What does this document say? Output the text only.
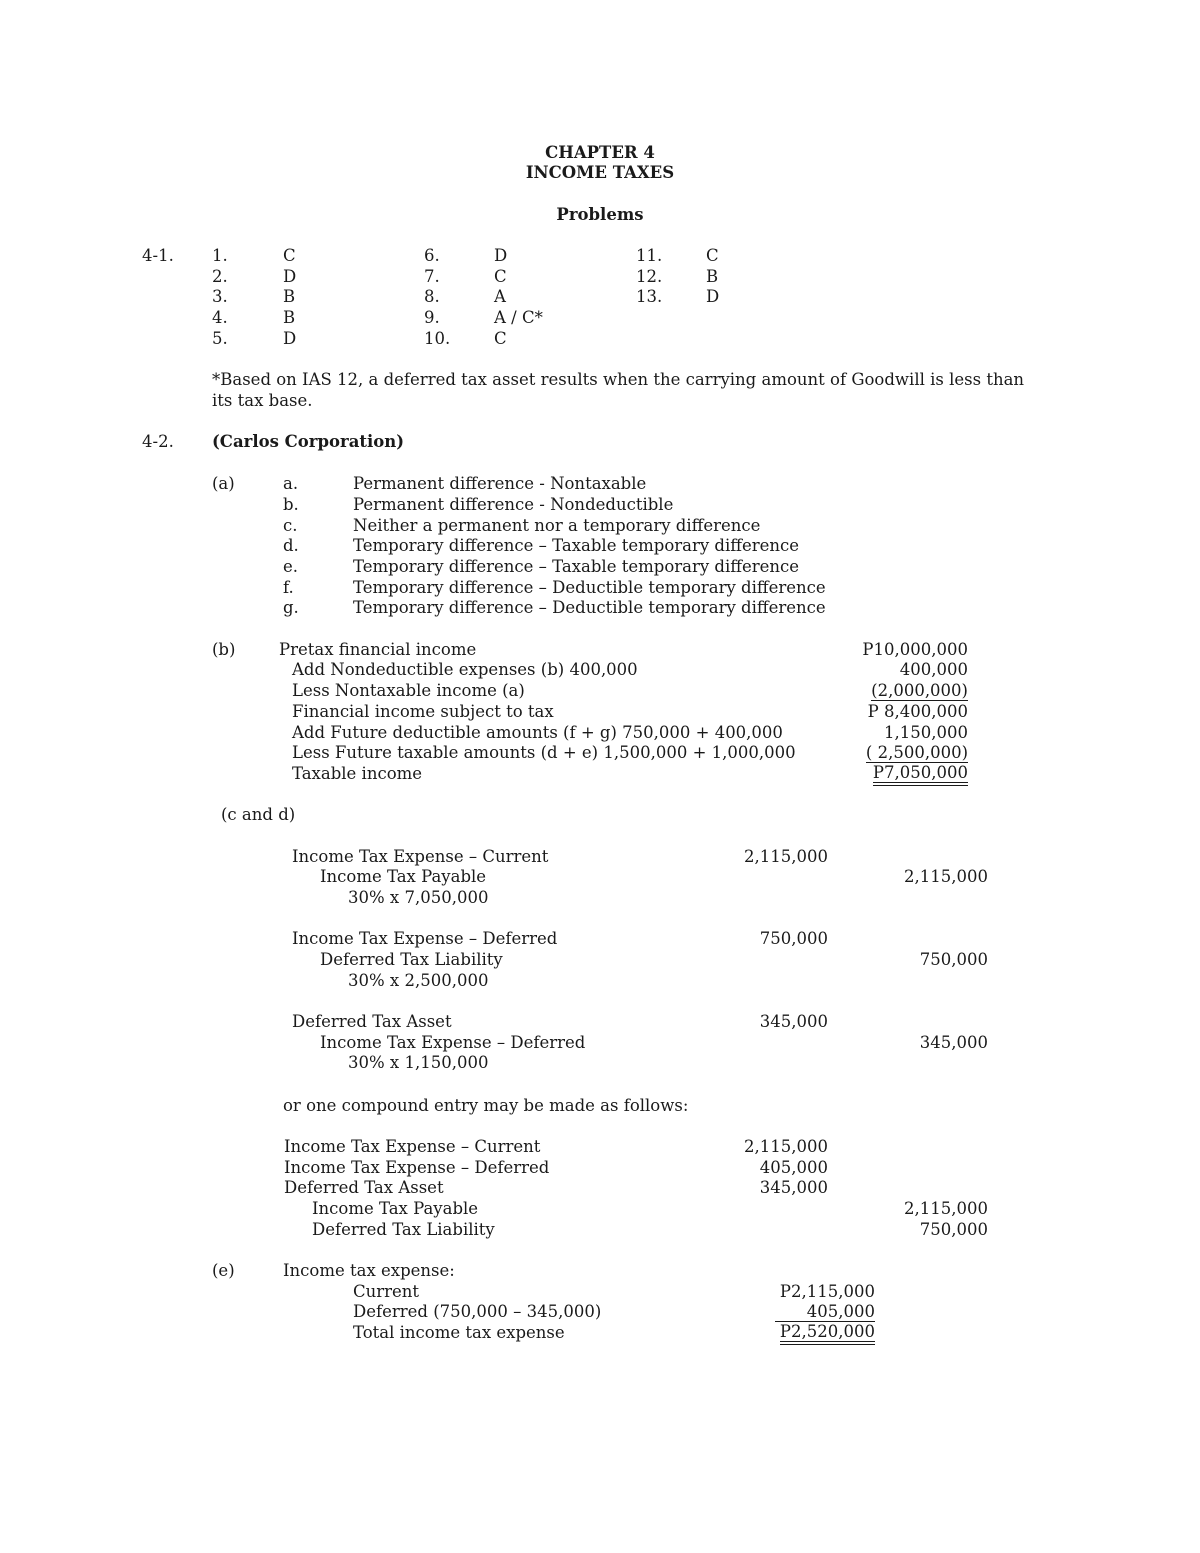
CHAPTER 4
INCOME TAXES
Problems
4-1. 1.	C
2.	D
3.	B
4.	B
5.	D
6.	D
7.	C
8.	A
9.	A / C*
10.	C
11.	C
12.	B
13.	D
*Based on IAS 12, a deferred tax asset results when the carrying amount of Goodwill is less than
its tax base.
4-2. (Carlos Corporation)
(a)	a.	Permanent difference - Nontaxable
b.	Permanent difference - Nondeductible
c.	Neither a permanent nor a temporary difference
d.	Temporary difference – Taxable temporary difference
e.	Temporary difference – Taxable temporary difference
f.	Temporary difference – Deductible temporary difference
g.	Temporary difference – Deductible temporary difference
(b)	Pretax financial income	P10,000,000
Add Nondeductible expenses (b) 400,000	400,000
Less Nontaxable income (a)	(2,000,000)
Financial income subject to tax	P 8,400,000
Add Future deductible amounts (f + g) 750,000 + 400,000	1,150,000
Less Future taxable amounts (d + e) 1,500,000 + 1,000,000	( 2,500,000)
Taxable income	P7,050,000
(c and d)
Income Tax Expense – Current	2,115,000
Income Tax Payable	2,115,000
30% x 7,050,000
Income Tax Expense – Deferred	750,000
Deferred Tax Liability	750,000
30% x 2,500,000
Deferred Tax Asset	345,000
Income Tax Expense – Deferred	345,000
30% x 1,150,000
or one compound entry may be made as follows:
Income Tax Expense – Current	2,115,000
Income Tax Expense – Deferred	405,000
Deferred Tax Asset	345,000
Income Tax Payable	2,115,000
Deferred Tax Liability	750,000
(e)	Income tax expense:
Current	P2,115,000
Deferred (750,000 – 345,000)	405,000
Total income tax expense	P2,520,000
